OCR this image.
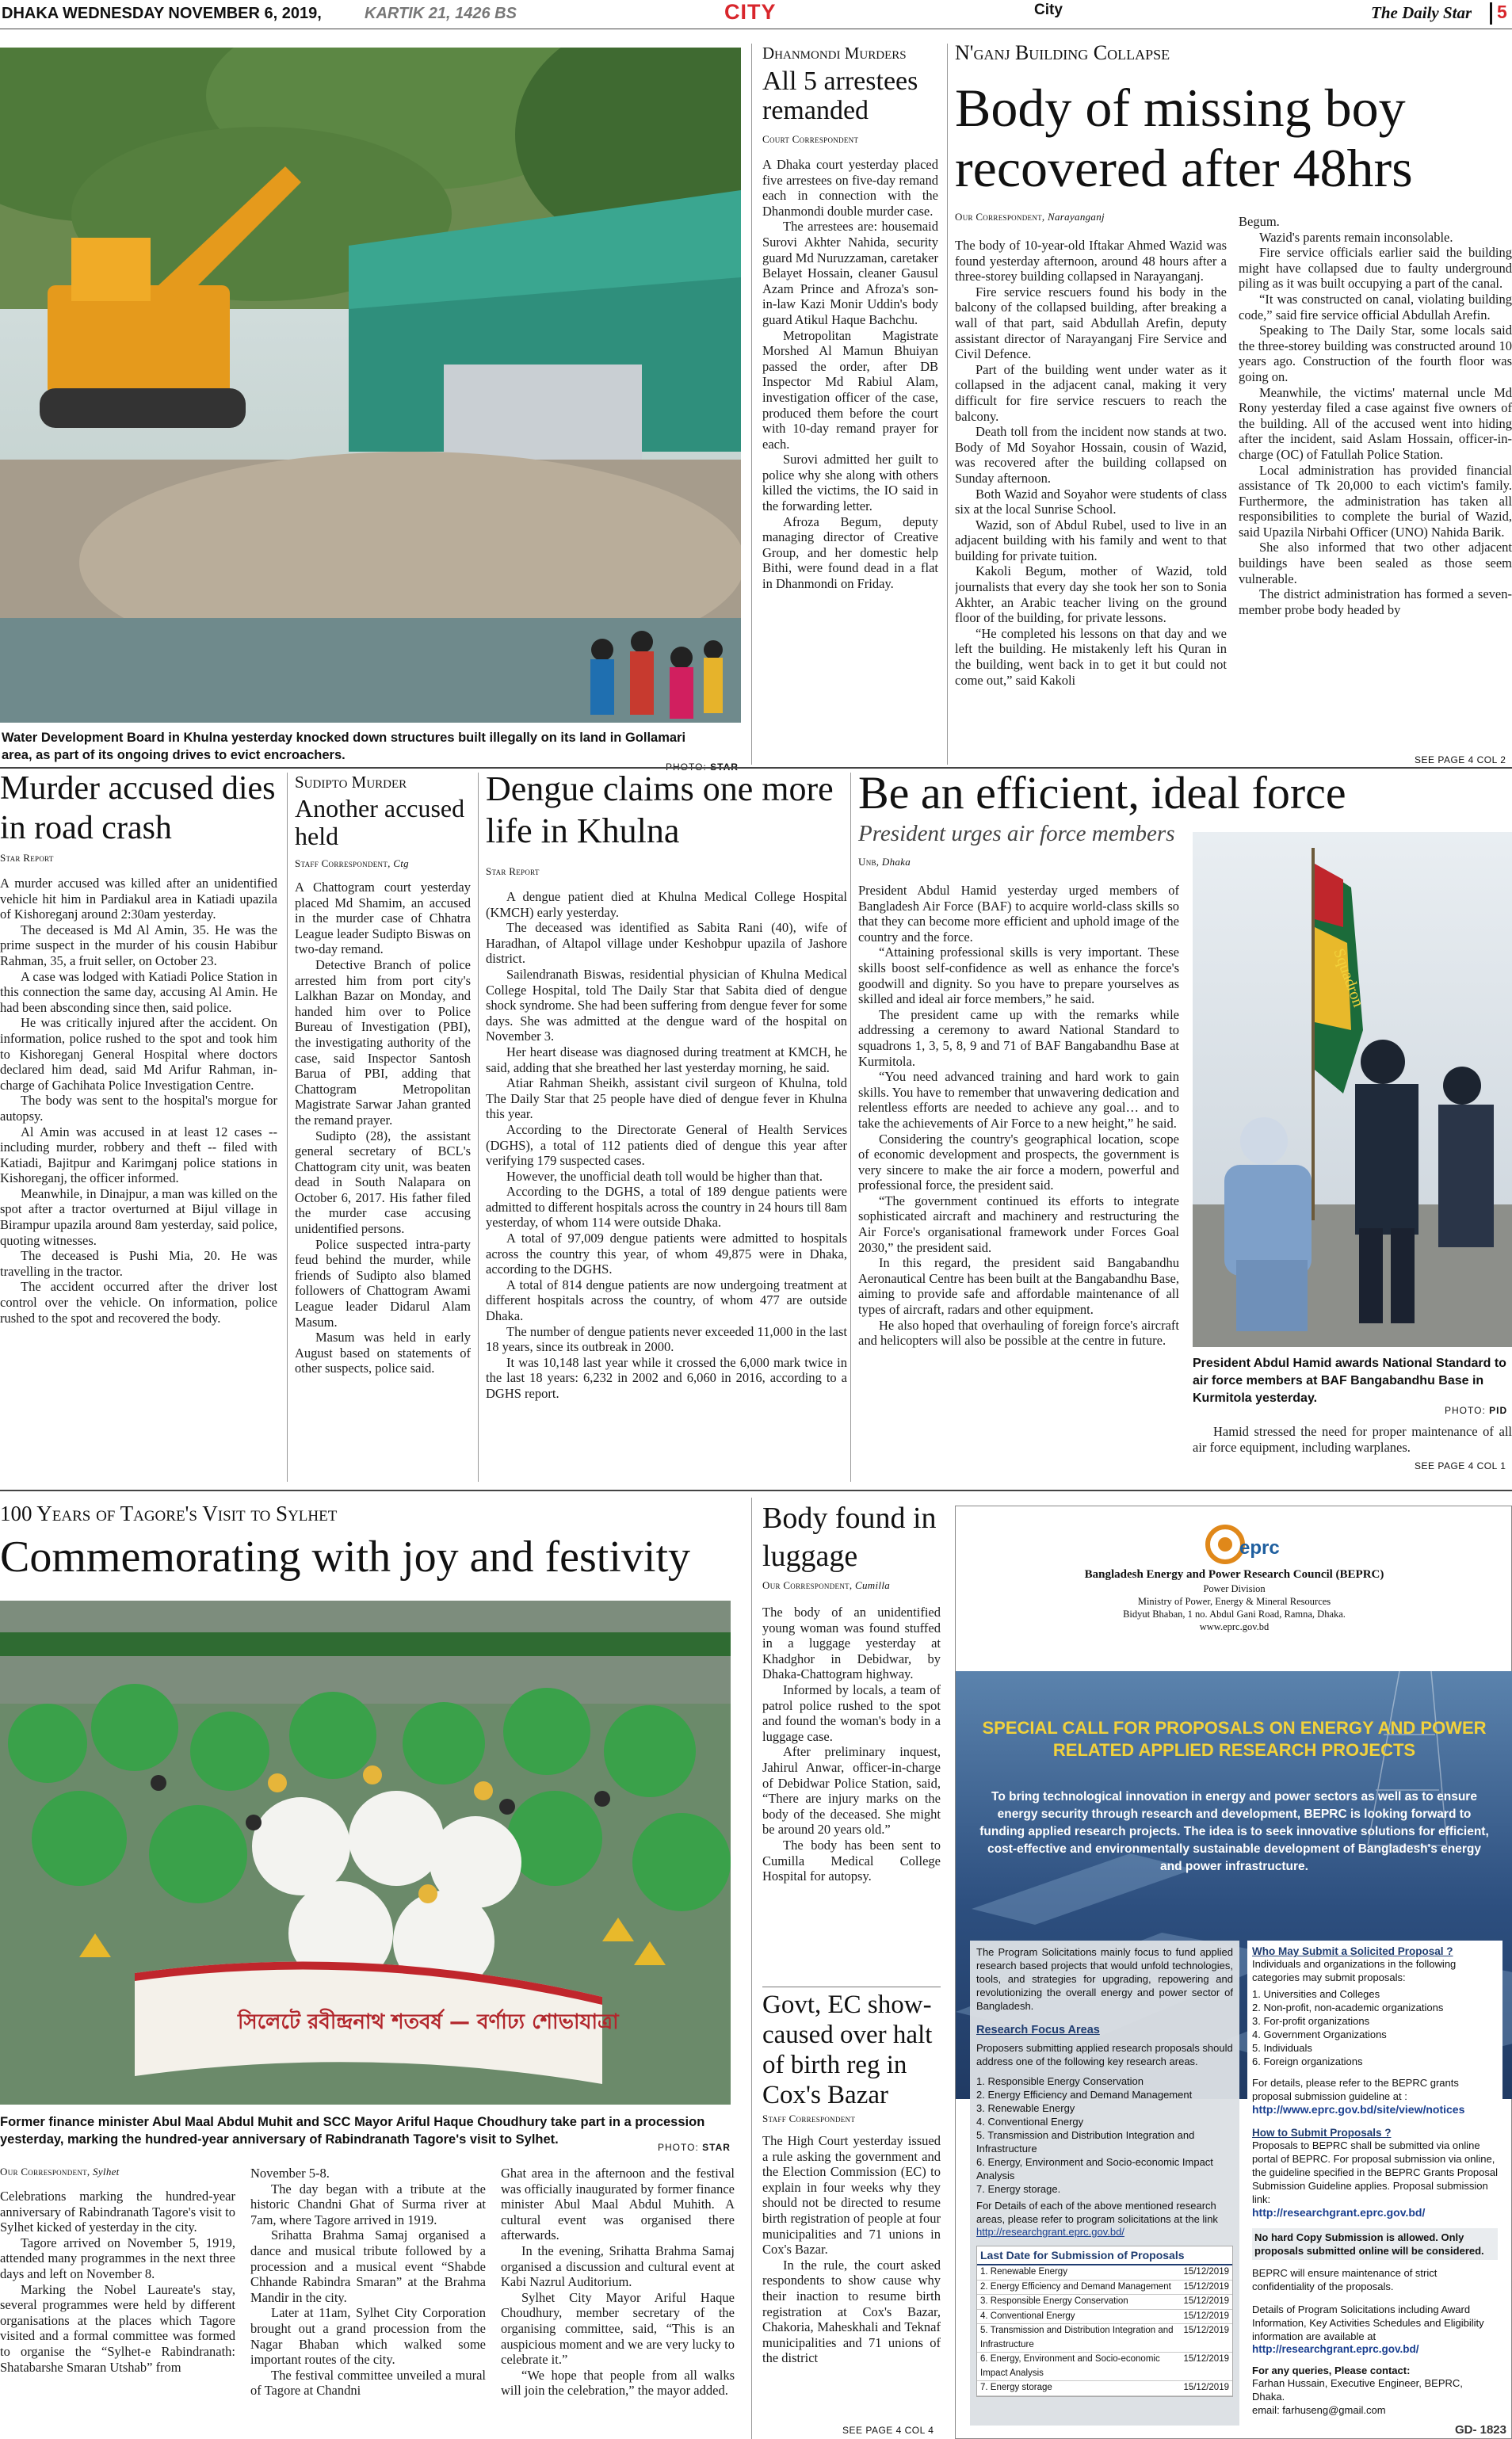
DHAKA WEDNESDAY NOVEMBER 6, 2019,	KARTIK 21, 1426 BS	CITY	City	The Daily Star 5
Water Development Board in Khulna yesterday knocked down structures built illegally on its land in Gollamari area, as part of its ongoing drives to evict encroachers.
Dhanmondi Murders
All 5 arrestees remanded
Court Correspondent

A Dhaka court yesterday placed five arrestees on five-day remand each in connection with the Dhanmondi double murder case.

The arrestees are: housemaid Surovi Akhter Nahida, security guard Md Nuruzzaman, caretaker Belayet Hossain, cleaner Gausul Azam Prince and Afroza's son-in-law Kazi Monir Uddin's body guard Atikul Haque Bachchu.

Metropolitan Magistrate Morshed Al Mamun Bhuiyan passed the order, after DB Inspector Md Rabiul Alam, investigation officer of the case, produced them before the court with 10-day remand prayer for each.

Surovi admitted her guilt to police why she along with others killed the victims, the IO said in the forwarding letter.

Afroza Begum, deputy managing director of Creative Group, and her domestic help Bithi, were found dead in a flat in Dhanmondi on Friday.

N'ganj Building Collapse
Body of missing boy recovered after 48hrs
Our Correspondent, Narayanganj

The body of 10-year-old Iftakar Ahmed Wazid was found yesterday afternoon, around 48 hours after a three-storey building collapsed in Narayanganj.

Fire service rescuers found his body in the balcony of the collapsed building, after breaking a wall of that part, said Abdullah Arefin, deputy assistant director of Narayanganj Fire Service and Civil Defence.

Part of the building went under water as it collapsed in the adjacent canal, making it very difficult for fire service rescuers to reach the balcony.

Death toll from the incident now stands at two. Body of Md Soyahor Hossain, cousin of Wazid, was recovered after the building collapsed on Sunday afternoon.

Both Wazid and Soyahor were students of class six at the local Sunrise School.

Wazid, son of Abdul Rubel, used to live in an adjacent building with his family and went to that building for private tuition.

Kakoli Begum, mother of Wazid, told journalists that every day she took her son to Sonia Akhter, an Arabic teacher living on the ground floor of the building, for private lessons.

“He completed his lessons on that day and we left the building. He mistakenly left his Quran in the building, went back in to get it but could not come out,” said Kakoli

Begum.

Wazid's parents remain inconsolable.

Fire service officials earlier said the building might have collapsed due to faulty underground piling as it was built occupying a part of the canal.

“It was constructed on canal, violating building code,” said fire service official Abdullah Arefin.

Speaking to The Daily Star, some locals said the three-storey building was constructed around 10 years ago. Construction of the fourth floor was going on.

Meanwhile, the victims' maternal uncle Md Rony yesterday filed a case against five owners of the building. All of the accused went into hiding after the incident, said Aslam Hossain, officer-in-charge (OC) of Fatullah Police Station.

Local administration has provided financial assistance of Tk 20,000 to each victim's family. Furthermore, the administration has taken all responsibilities to complete the burial of Wazid, said Upazila Nirbahi Officer (UNO) Nahida Barik.

She also informed that two other adjacent buildings have been sealed as those seem vulnerable.

The district administration has formed a seven-member probe body headed by

SEE PAGE 4 COL 2
Murder accused dies in road crash
Star Report

A murder accused was killed after an unidentified vehicle hit him in Pardiakul area in Katiadi upazila of Kishoreganj around 2:30am yesterday.

The deceased is Md Al Amin, 35. He was the prime suspect in the murder of his cousin Habibur Rahman, 35, a fruit seller, on October 23.

A case was lodged with Katiadi Police Station in this connection the same day, accusing Al Amin. He had been absconding since then, said police.

He was critically injured after the accident. On information, police rushed to the spot and took him to Kishoreganj General Hospital where doctors declared him dead, said Md Arifur Rahman, in-charge of Gachihata Police Investigation Centre.

The body was sent to the hospital's morgue for autopsy.

Al Amin was accused in at least 12 cases -- including murder, robbery and theft -- filed with Katiadi, Bajitpur and Karimganj police stations in Kishoreganj, the officer informed.

Meanwhile, in Dinajpur, a man was killed on the spot after a tractor overturned at Bijul village in Birampur upazila around 8am yesterday, said police, quoting witnesses.

The deceased is Pushi Mia, 20. He was travelling in the tractor.

The accident occurred after the driver lost control over the vehicle. On information, police rushed to the spot and recovered the body.

Sudipto Murder
Another accused held
Staff Correspondent, Ctg

A Chattogram court yesterday placed Md Shamim, an accused in the murder case of Chhatra League leader Sudipto Biswas on two-day remand.

Detective Branch of police arrested him from port city's Lalkhan Bazar on Monday, and handed him over to Police Bureau of Investigation (PBI), the investigating authority of the case, said Inspector Santosh Barua of PBI, adding that Chattogram Metropolitan Magistrate Sarwar Jahan granted the remand prayer.

Sudipto (28), the assistant general secretary of BCL's Chattogram city unit, was beaten dead in South Nalapara on October 6, 2017. His father filed the murder case accusing unidentified persons.

Police suspected intra-party feud behind the murder, while friends of Sudipto also blamed followers of Chattogram Awami League leader Didarul Alam Masum.

Masum was held in early August based on statements of other suspects, police said.

Dengue claims one more life in Khulna
Star Report

A dengue patient died at Khulna Medical College Hospital (KMCH) early yesterday.

The deceased was identified as Sabita Rani (40), wife of Haradhan, of Altapol village under Keshobpur upazila of Jashore district.

Sailendranath Biswas, residential physician of Khulna Medical College Hospital, told The Daily Star that Sabita died of dengue shock syndrome. She had been suffering from dengue fever for some days. She was admitted at the dengue ward of the hospital on November 3.

Her heart disease was diagnosed during treatment at KMCH, he said, adding that she breathed her last yesterday morning, he said.

Atiar Rahman Sheikh, assistant civil surgeon of Khulna, told The Daily Star that 25 people have died of dengue fever in Khulna this year.

According to the Directorate General of Health Services (DGHS), a total of 112 patients died of dengue this year after verifying 179 suspected cases.

However, the unofficial death toll would be higher than that.

According to the DGHS, a total of 189 dengue patients were admitted to different hospitals across the country in 24 hours till 8am yesterday, of whom 114 were outside Dhaka.

A total of 97,009 dengue patients were admitted to hospitals across the country this year, of whom 49,875 were in Dhaka, according to the DGHS.

A total of 814 dengue patients are now undergoing treatment at different hospitals across the country, of whom 477 are outside Dhaka.

The number of dengue patients never exceeded 11,000 in the last 18 years, since its outbreak in 2000.

It was 10,148 last year while it crossed the 6,000 mark twice in the last 18 years: 6,232 in 2002 and 6,060 in 2016, according to a DGHS report.

Be an efficient, ideal force
President urges air force members
Unb, Dhaka

President Abdul Hamid yesterday urged members of Bangladesh Air Force (BAF) to acquire world-class skills so that they can become more efficient and uphold image of the country and the force.

“Attaining professional skills is very important. These skills boost self-confidence as well as enhance the force's goodwill and dignity. So you have to prepare yourselves as skilled and ideal air force members,” he said.

The president came up with the remarks while addressing a ceremony to award National Standard to squadrons 1, 3, 5, 8, 9 and 71 of BAF Bangabandhu Base at Kurmitola.

“You need advanced training and hard work to gain skills. You have to remember that unwavering dedication and relentless efforts are needed to achieve any goal… and to take the achievements of Air Force to a new height,” he said.

Considering the country's geographical location, scope of economic development and prospects, the government is very sincere to make the air force a modern, powerful and professional force, the president said.

“The government continued its efforts to integrate sophisticated aircraft and machinery and restructuring the Air Force's organisational framework under Forces Goal 2030,” the president said.

In this regard, the president said Bangabandhu Aeronautical Centre has been built at the Bangabandhu Base, aiming to provide safe and affordable maintenance of all types of aircraft, radars and other equipment.

He also hoped that overhauling of foreign force's aircraft and helicopters will also be possible at the centre in future.

Squadron
President Abdul Hamid awards National Standard to air force members at BAF Bangabandhu Base in Kurmitola yesterday.
PHOTO: PID

Hamid stressed the need for proper maintenance of all air force equipment, including warplanes.

SEE PAGE 4 COL 1
100 Years of Tagore's Visit to Sylhet
Commemorating with joy and festivity
সিলেটে রবীন্দ্রনাথ শতবর্ষ — বর্ণাঢ্য শোভাযাত্রা
Former finance minister Abul Maal Abdul Muhit and SCC Mayor Ariful Haque Choudhury take part in a procession yesterday, marking the hundred-year anniversary of Rabindranath Tagore's visit to Sylhet.
PHOTO: STAR
Our Correspondent, Sylhet

Celebrations marking the hundred-year anniversary of Rabindranath Tagore's visit to Sylhet kicked of yesterday in the city.

Tagore arrived on November 5, 1919, attended many programmes in the next three days and left on November 8.

Marking the Nobel Laureate's stay, several programmes were held by different organisations at the places which Tagore visited and a formal committee was formed to organise the “Sylhet-e Rabindranath: Shatabarshe Smaran Utshab” from

November 5-8.

The day began with a tribute at the historic Chandni Ghat of Surma river at 7am, where Tagore arrived in 1919.

Srihatta Brahma Samaj organised a dance and musical tribute followed by a procession and a musical event “Shabde Chhande Rabindra Smaran” at the Brahma Mandir in the city.

Later at 11am, Sylhet City Corporation brought out a grand procession from the Nagar Bhaban which walked some important routes of the city.

The festival committee unveiled a mural of Tagore at Chandni

Ghat area in the afternoon and the festival was officially inaugurated by former finance minister Abul Maal Abdul Muhith. A cultural event was organised there afterwards.

In the evening, Srihatta Brahma Samaj organised a discussion and cultural event at Kabi Nazrul Auditorium.

Sylhet City Mayor Ariful Haque Choudhury, member secretary of the organising committee, said, “This is an auspicious moment and we are very lucky to celebrate it.”

“We hope that people from all walks will join the celebration,” the mayor added.

Body found in luggage
Our Correspondent, Cumilla

The body of an unidentified young woman was found stuffed in a luggage yesterday at Khadghor in Debidwar, by Dhaka-Chattogram highway.

Informed by locals, a team of patrol police rushed to the spot and found the woman's body in a luggage case.

After preliminary inquest, Jahirul Anwar, officer-in-charge of Debidwar Police Station, said, “There are injury marks on the body of the deceased. She might be around 20 years old.”

The body has been sent to Cumilla Medical College Hospital for autopsy.

Govt, EC show-caused over halt of birth reg in Cox's Bazar
Staff Correspondent

The High Court yesterday issued a rule asking the government and the Election Commission (EC) to explain in four weeks why they should not be directed to resume birth registration of people at four municipalities and 71 unions in Cox's Bazar.

In the rule, the court asked respondents to show cause why their inaction to resume birth registration at Cox's Bazar, Chakoria, Maheskhali and Teknaf municipalities and 71 unions of the district

SEE PAGE 4 COL 4
eprc
Bangladesh Energy and Power Research Council (BEPRC)
Power Division
Ministry of Power, Energy & Mineral Resources
Bidyut Bhaban, 1 no. Abdul Gani Road, Ramna, Dhaka.
www.eprc.gov.bd
SPECIAL CALL FOR PROPOSALS ON ENERGY AND POWER RELATED APPLIED RESEARCH PROJECTS
To bring technological innovation in energy and power sectors as well as to ensure energy security through research and development, BEPRC is looking forward to funding applied research projects. The idea is to seek innovative solutions for efficient, cost-effective and environmentally sustainable development of Bangladesh's energy and power infrastructure.
The Program Solicitations mainly focus to fund applied research based projects that would unfold technologies, tools, and strategies for upgrading, repowering and revolutionizing the overall energy and power sector of Bangladesh.
Research Focus Areas
Proposers submitting applied research proposals should address one of the following key research areas.
1. Responsible Energy Conservation
2. Energy Efficiency and Demand Management
3. Renewable Energy
4. Conventional Energy
5. Transmission and Distribution Integration and Infrastructure
6. Energy, Environment and Socio-economic Impact Analysis
7. Energy storage.
For Details of each of the above mentioned research areas, please refer to program solicitations at the link
http://researchgrant.eprc.gov.bd/
Last Date for Submission of Proposals
1. Renewable Energy	15/12/2019
2. Energy Efficiency and Demand Management 15/12/2019
3. Responsible Energy Conservation	15/12/2019
4. Conventional Energy	15/12/2019
5. Transmission and Distribution Integration and Infrastructure
15/12/2019
6. Energy, Environment and Socio-economic Impact Analysis
15/12/2019
7. Energy storage	15/12/2019
Who May Submit a Solicited Proposal ?
Individuals and organizations in the following categories may submit proposals:
1. Universities and Colleges
2. Non-profit, non-academic organizations
3. For-profit organizations
4. Government Organizations
5. Individuals
6. Foreign organizations
For details, please refer to the BEPRC grants proposal submission guideline at :
http://www.eprc.gov.bd/site/view/notices
How to Submit Proposals ?
Proposals to BEPRC shall be submitted via online portal of BEPRC. For proposal submission via online, the guideline specified in the BEPRC Grants Proposal Submission Guideline applies. Proposal submission link:
http://researchgrant.eprc.gov.bd/
No hard Copy Submission is allowed. Only proposals submitted online will be considered.
BEPRC will ensure maintenance of strict confidentiality of the proposals.
Details of Program Solicitations including Award Information, Key Activities Schedules and Eligibility information are available at
http://researchgrant.eprc.gov.bd/
For any queries, Please contact:
Farhan Hussain, Executive Engineer, BEPRC, Dhaka.
email: farhuseng@gmail.com
GD- 1823
